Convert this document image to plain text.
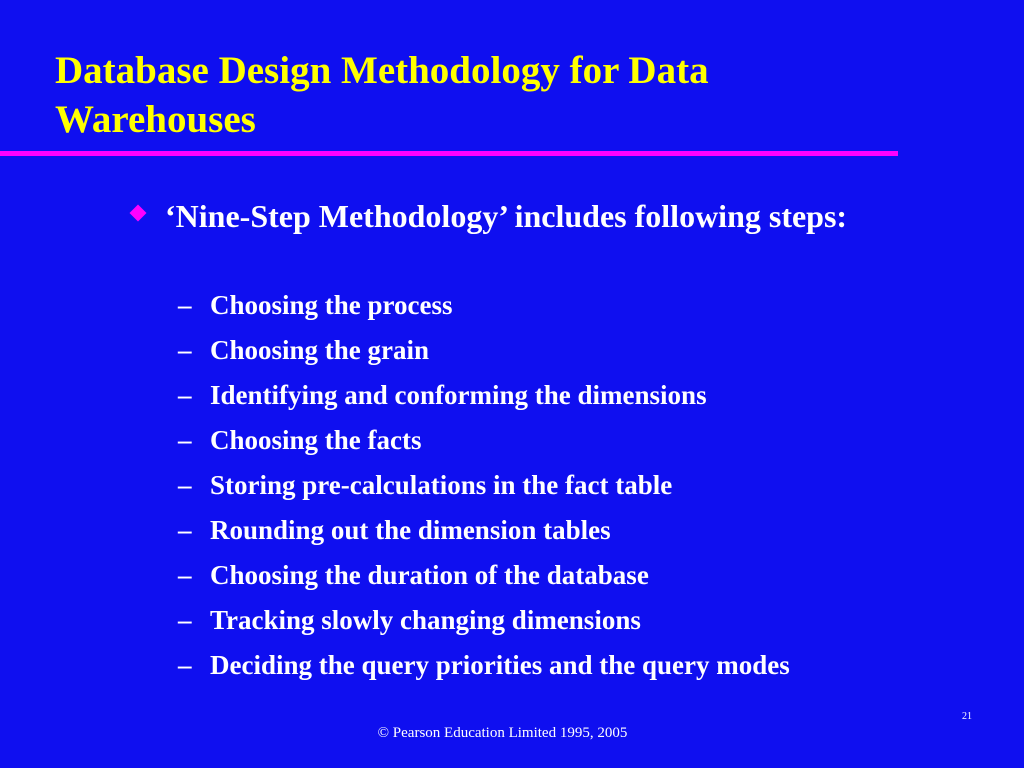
Database Design Methodology for Data Warehouses
‘Nine-Step Methodology’ includes following steps:
– Choosing the process
– Choosing the grain
– Identifying and conforming the dimensions
– Choosing the facts
– Storing pre-calculations in the fact table
– Rounding out the dimension tables
– Choosing the duration of the database
– Tracking slowly changing dimensions
– Deciding the query priorities and the query modes
21
© Pearson Education Limited 1995, 2005
